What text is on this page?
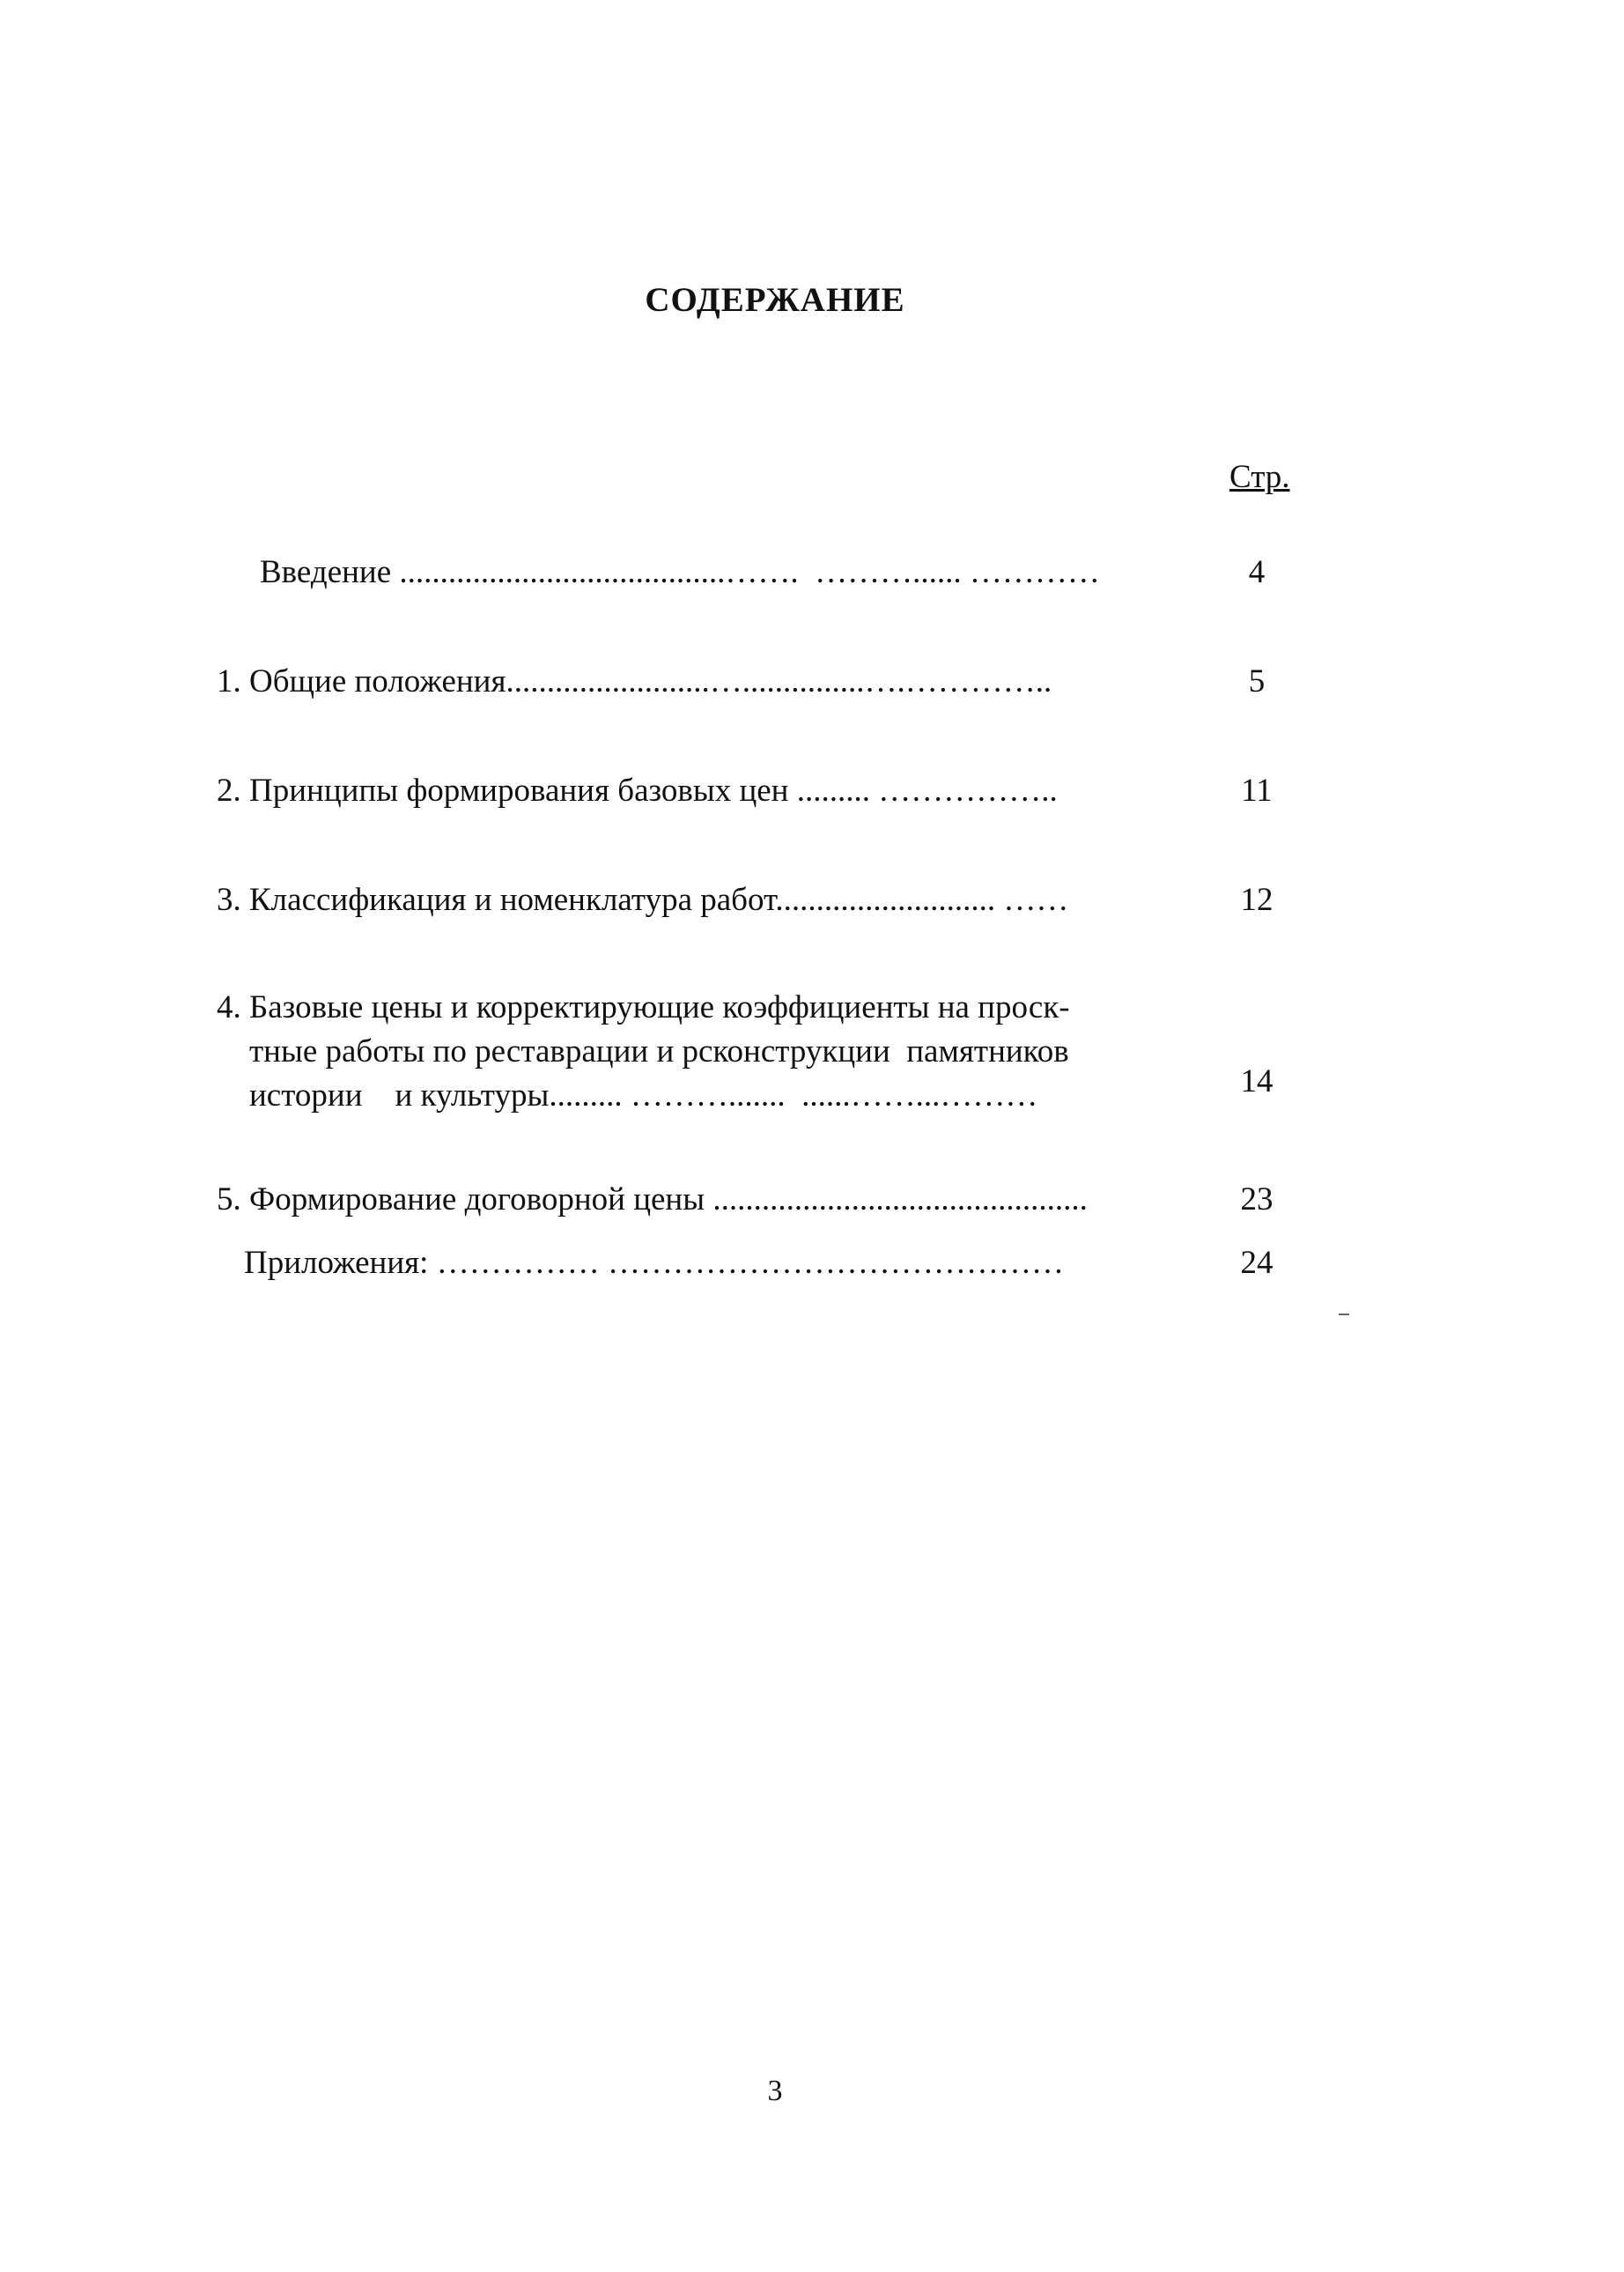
СОДЕРЖАНИЕ
Стр.
Введение ........................................…….  ………...... …………	4
1. Общие положения.........................…...............….…………..	5
2. Принципы формирования базовых цен ......... ……………..	11
3. Классификация и номенклатура работ........................... ……	12
4. Базовые цены и корректирующие коэффициенты на проск-
тные работы по реставрации и рсконструкции  памятников
истории    и культуры......... ……….......  ......……...………	14
5. Формирование договорной цены ..............................................	23
Приложения: …………… ……………………………………	24
3
